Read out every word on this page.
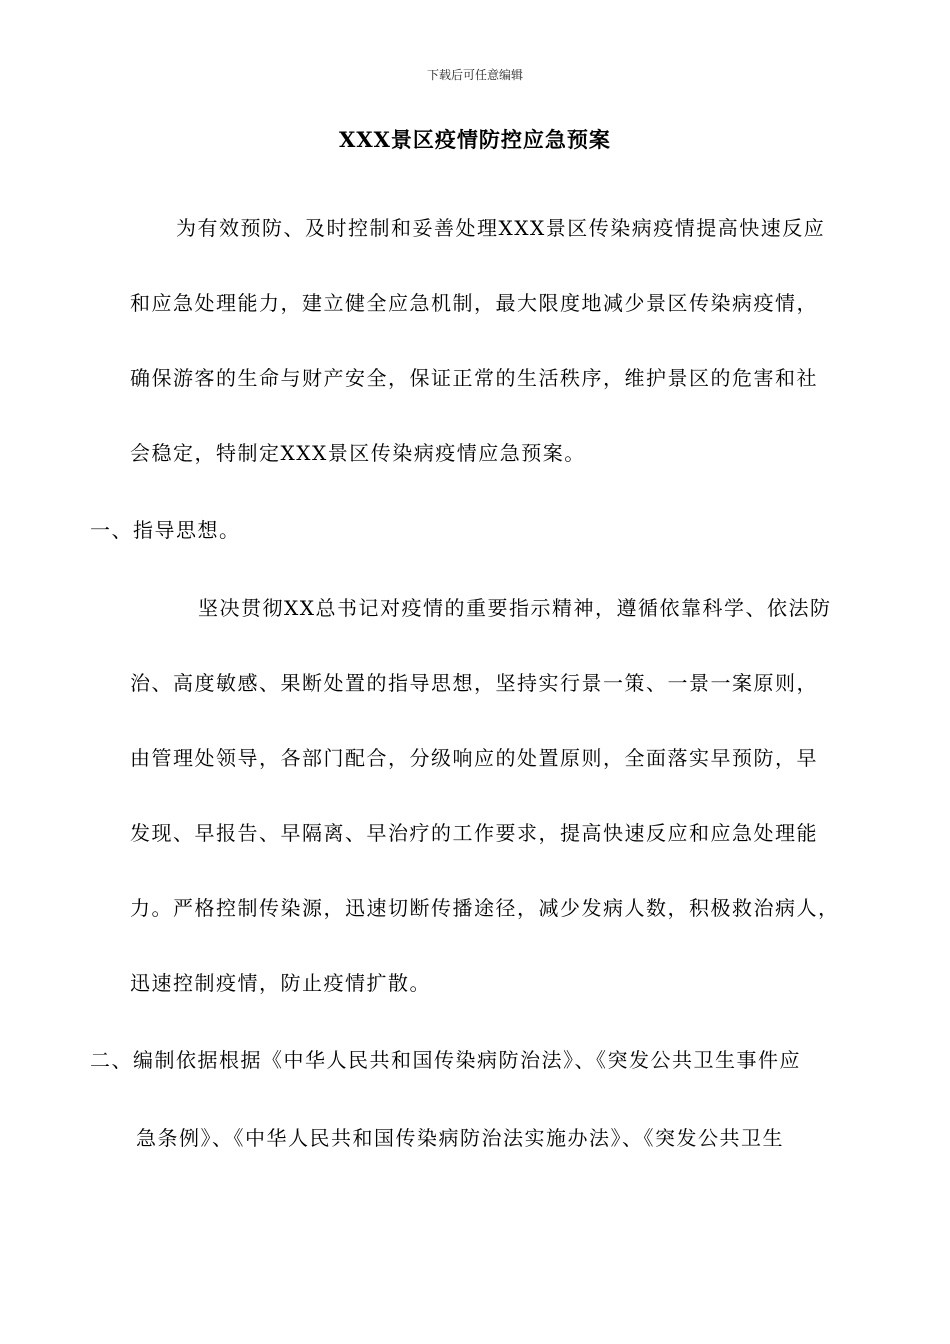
下载后可任意编辑
XXX景区疫情防控应急预案
为有效预防、及时控制和妥善处理XXX景区传染病疫情提高快速反应
和应急处理能力，建立健全应急机制，最大限度地减少景区传染病疫情，
确保游客的生命与财产安全，保证正常的生活秩序，维护景区的危害和社
会稳定，特制定XXX景区传染病疫情应急预案。
一、指导思想。
坚决贯彻XX总书记对疫情的重要指示精神，遵循依靠科学、依法防
治、高度敏感、果断处置的指导思想，坚持实行景一策、一景一案原则，
由管理处领导，各部门配合，分级响应的处置原则，全面落实早预防，早
发现、早报告、早隔离、早治疗的工作要求，提高快速反应和应急处理能
力。严格控制传染源，迅速切断传播途径，减少发病人数，积极救治病人，
迅速控制疫情，防止疫情扩散。
二、编制依据根据《中华人民共和国传染病防治法》、《突发公共卫生事件应
急条例》、《中华人民共和国传染病防治法实施办法》、《突发公共卫生
